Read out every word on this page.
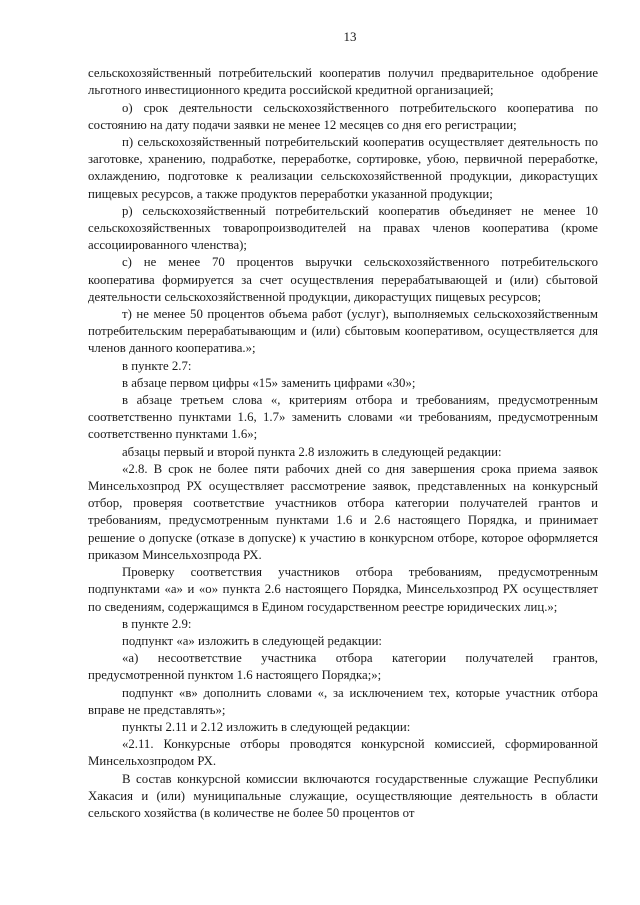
13

сельскохозяйственный потребительский кооператив получил предварительное одобрение льготного инвестиционного кредита российской кредитной организацией;

о) срок деятельности сельскохозяйственного потребительского кооператива по состоянию на дату подачи заявки не менее 12 месяцев со дня его регистрации;

п) сельскохозяйственный потребительский кооператив осуществляет деятельность по заготовке, хранению, подработке, переработке, сортировке, убою, первичной переработке, охлаждению, подготовке к реализации сельскохозяйственной продукции, дикорастущих пищевых ресурсов, а также продуктов переработки указанной продукции;

р) сельскохозяйственный потребительский кооператив объединяет не менее 10 сельскохозяйственных товаропроизводителей на правах членов кооператива (кроме ассоциированного членства);

с) не менее 70 процентов выручки сельскохозяйственного потребительского кооператива формируется за счет осуществления перерабатывающей и (или) сбытовой деятельности сельскохозяйственной продукции, дикорастущих пищевых ресурсов;

т) не менее 50 процентов объема работ (услуг), выполняемых сельскохозяйственным потребительским перерабатывающим и (или) сбытовым кооперативом, осуществляется для членов данного кооператива.»;

в пункте 2.7:

в абзаце первом цифры «15» заменить цифрами «30»;

в абзаце третьем слова «, критериям отбора и требованиям, предусмотренным соответственно пунктами 1.6, 1.7» заменить словами «и требованиям, предусмотренным соответственно пунктами 1.6»;

абзацы первый и второй пункта 2.8 изложить в следующей редакции:

«2.8. В срок не более пяти рабочих дней со дня завершения срока приема заявок Минсельхозпрод РХ осуществляет рассмотрение заявок, представленных на конкурсный отбор, проверяя соответствие участников отбора категории получателей грантов и требованиям, предусмотренным пунктами 1.6 и 2.6 настоящего Порядка, и принимает решение о допуске (отказе в допуске) к участию в конкурсном отборе, которое оформляется приказом Минсельхозпрода РХ.

Проверку соответствия участников отбора требованиям, предусмотренным подпунктами «а» и «о» пункта 2.6 настоящего Порядка, Минсельхозпрод РХ осуществляет по сведениям, содержащимся в Едином государственном реестре юридических лиц.»;

в пункте 2.9:

подпункт «а» изложить в следующей редакции:

«а) несоответствие участника отбора категории получателей грантов, предусмотренной пунктом 1.6 настоящего Порядка;»;

подпункт «в» дополнить словами «, за исключением тех, которые участник отбора вправе не представлять»;

пункты 2.11 и 2.12 изложить в следующей редакции:

«2.11. Конкурсные отборы проводятся конкурсной комиссией, сформированной Минсельхозпродом РХ.

В состав конкурсной комиссии включаются государственные служащие Республики Хакасия и (или) муниципальные служащие, осуществляющие деятельность в области сельского хозяйства (в количестве не более 50 процентов от
